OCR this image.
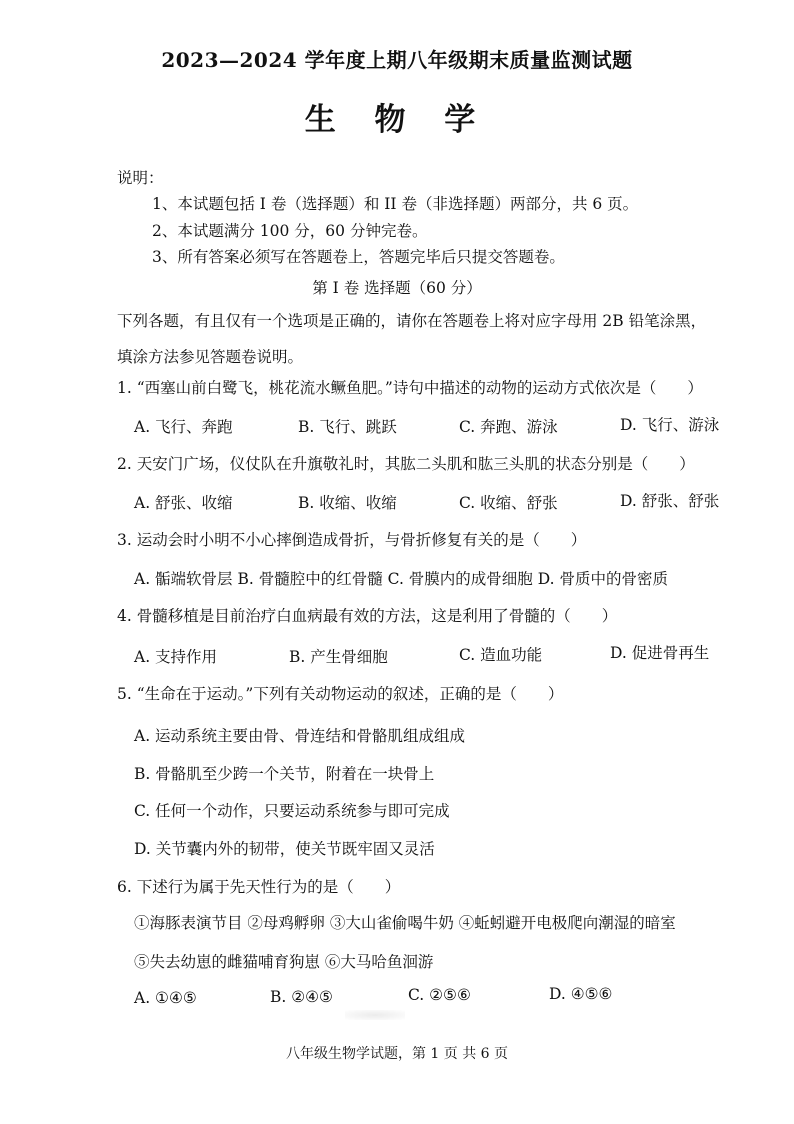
2023—2024 学年度上期八年级期末质量监测试题
生 物 学
说明：
1、本试题包括 I 卷（选择题）和 II 卷（非选择题）两部分，共 6 页。
2、本试题满分 100 分，60 分钟完卷。
3、所有答案必须写在答题卷上，答题完毕后只提交答题卷。
第 I 卷 选择题（60 分）
下列各题，有且仅有一个选项是正确的，请你在答题卷上将对应字母用 2B 铅笔涂黑，
填涂方法参见答题卷说明。
1. “西塞山前白鹭飞，桃花流水鳜鱼肥。”诗句中描述的动物的运动方式依次是（　　）
A. 飞行、奔跑	B. 飞行、跳跃	C. 奔跑、游泳	D. 飞行、游泳
2. 天安门广场，仪仗队在升旗敬礼时，其肱二头肌和肱三头肌的状态分别是（　　）
A. 舒张、收缩	B. 收缩、收缩	C. 收缩、舒张	D. 舒张、舒张
3. 运动会时小明不小心摔倒造成骨折，与骨折修复有关的是（　　）
A. 骺端软骨层 B. 骨髓腔中的红骨髓 C. 骨膜内的成骨细胞 D. 骨质中的骨密质
4. 骨髓移植是目前治疗白血病最有效的方法，这是利用了骨髓的（　　）
A. 支持作用	B. 产生骨细胞	C. 造血功能	D. 促进骨再生
5. “生命在于运动。”下列有关动物运动的叙述，正确的是（　　）
A. 运动系统主要由骨、骨连结和骨骼肌组成组成
B. 骨骼肌至少跨一个关节，附着在一块骨上
C. 任何一个动作，只要运动系统参与即可完成
D. 关节囊内外的韧带，使关节既牢固又灵活
6. 下述行为属于先天性行为的是（　　）
①海豚表演节目 ②母鸡孵卵 ③大山雀偷喝牛奶 ④蚯蚓避开电极爬向潮湿的暗室
⑤失去幼崽的雌猫哺育狗崽 ⑥大马哈鱼洄游
A. ①④⑤	B. ②④⑤	C. ②⑤⑥	D. ④⑤⑥
八年级生物学试题，第 1 页 共 6 页
